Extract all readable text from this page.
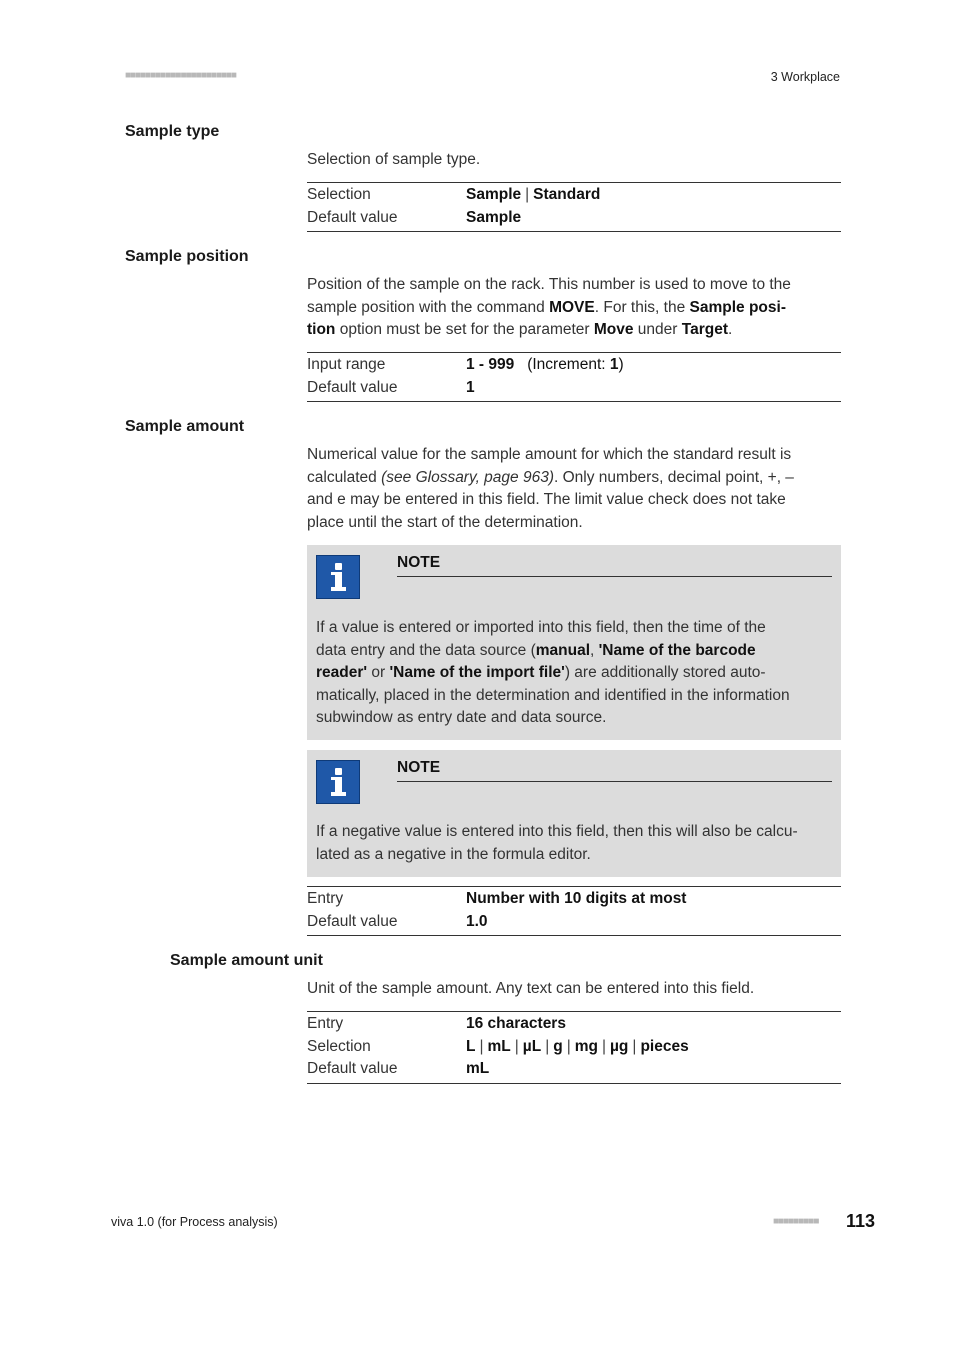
■■■■■■■■■■■■■■■■■■■■■■	3 Workplace
Sample type
Selection of sample type.
Selection	Sample | Standard
Default value	Sample
Sample position
Position of the sample on the rack. This number is used to move to the
sample position with the command MOVE. For this, the Sample posi-
tion option must be set for the parameter Move under Target.
Input range	1 - 999 (Increment: 1)
Default value	1
Sample amount
Numerical value for the sample amount for which the standard result is
calculated (see Glossary, page 963). Only numbers, decimal point, +, –
and e may be entered in this field. The limit value check does not take
place until the start of the determination.
NOTE
If a value is entered or imported into this field, then the time of the
data entry and the data source (manual, 'Name of the barcode
reader' or 'Name of the import file') are additionally stored auto-
matically, placed in the determination and identified in the information
subwindow as entry date and data source.
NOTE
If a negative value is entered into this field, then this will also be calcu-
lated as a negative in the formula editor.
Entry	Number with 10 digits at most
Default value	1.0
Sample amount unit
Unit of the sample amount. Any text can be entered into this field.
Entry	16 characters
Selection	L | mL | µL | g | mg | µg | pieces
Default value	mL
viva 1.0 (for Process analysis)	■■■■■■■■■ 113
